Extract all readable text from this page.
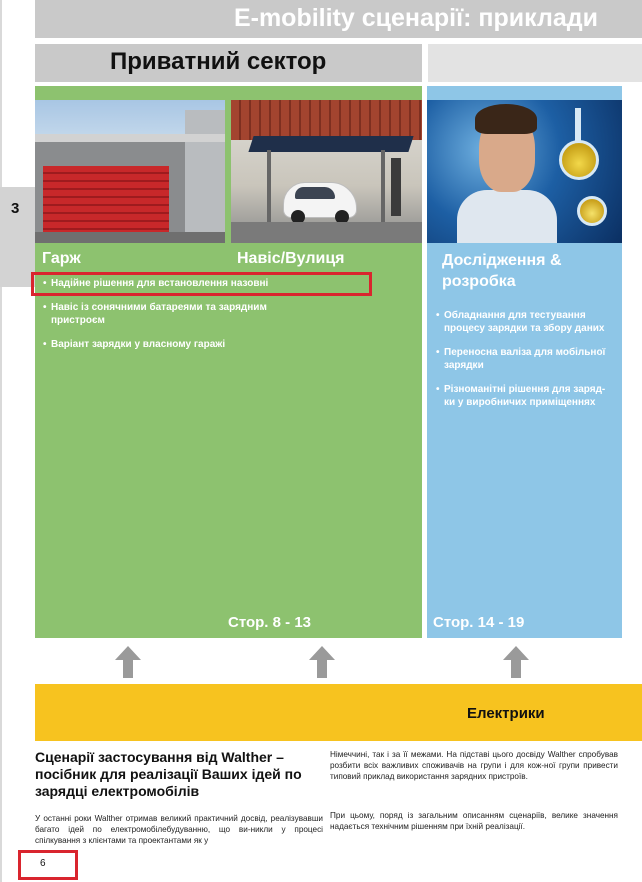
E-mobility сценарії: приклади
Приватний сектор
3
Гарж	Навіс/Вулиця	Дослідження & розробка
• Надійне рішення для встановлення назовні
• Навіс із сонячними батареями та зарядним пристроєм
• Варіант зарядки у власному гаражі
• Обладнання для тестування процесу зарядки та збору даних
• Переносна валіза для мобільної зарядки
• Різноманітні рішення для заряд-ки у виробничих приміщеннях
Стор. 8 - 13	Стор. 14 - 19
Електрики
Сценарії застосування від Walther – посібник для реалізації Ваших ідей по зарядці електромобілів
У останні роки Walther отримав великий практичний досвід, реалізувавши багато ідей по електромобілебудуванню, що ви-никли у процесі спілкування з клієнтами та проектантами як у
Німеччині, так і за її межами. На підставі цього досвіду Walther спробував розбити всіх важливих споживачів на групи і для кож-ної групи привести типовий приклад використання зарядних пристроїв.
При цьому, поряд із загальним описанням сценаріїв, велике значення надається технічним рішенням при їхній реалізації.
6
